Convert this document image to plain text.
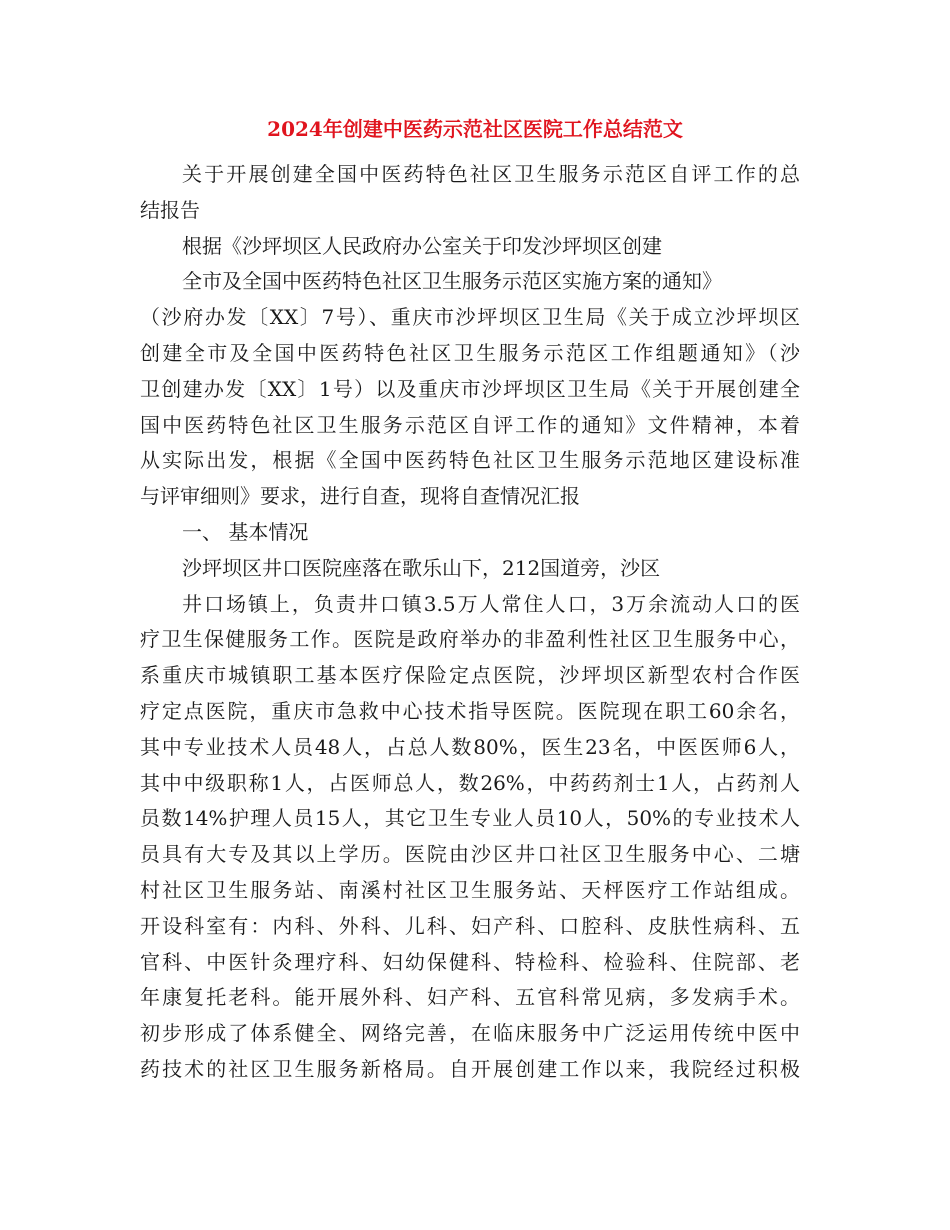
2024年创建中医药示范社区医院工作总结范文
关于开展创建全国中医药特色社区卫生服务示范区自评工作的总
结报告
根据《沙坪坝区人民政府办公室关于印发沙坪坝区创建
全市及全国中医药特色社区卫生服务示范区实施方案的通知》
（沙府办发〔XX〕7号）、重庆市沙坪坝区卫生局《关于成立沙坪坝区
创建全市及全国中医药特色社区卫生服务示范区工作组题通知》（沙
卫创建办发〔XX〕1号）以及重庆市沙坪坝区卫生局《关于开展创建全
国中医药特色社区卫生服务示范区自评工作的通知》文件精神，本着
从实际出发，根据《全国中医药特色社区卫生服务示范地区建设标准
与评审细则》要求，进行自查，现将自查情况汇报
一、 基本情况
沙坪坝区井口医院座落在歌乐山下，212国道旁，沙区
井口场镇上，负责井口镇3.5万人常住人口，3万余流动人口的医
疗卫生保健服务工作。医院是政府举办的非盈利性社区卫生服务中心，
系重庆市城镇职工基本医疗保险定点医院，沙坪坝区新型农村合作医
疗定点医院，重庆市急救中心技术指导医院。医院现在职工60余名，
其中专业技术人员48人，占总人数80%，医生23名，中医医师6人，
其中中级职称1人，占医师总人，数26%，中药药剂士1人，占药剂人
员数14%护理人员15人，其它卫生专业人员10人，50%的专业技术人
员具有大专及其以上学历。医院由沙区井口社区卫生服务中心、二塘
村社区卫生服务站、南溪村社区卫生服务站、天枰医疗工作站组成。
开设科室有：内科、外科、儿科、妇产科、口腔科、皮肤性病科、五
官科、中医针灸理疗科、妇幼保健科、特检科、检验科、住院部、老
年康复托老科。能开展外科、妇产科、五官科常见病，多发病手术。
初步形成了体系健全、网络完善，在临床服务中广泛运用传统中医中
药技术的社区卫生服务新格局。自开展创建工作以来，我院经过积极
